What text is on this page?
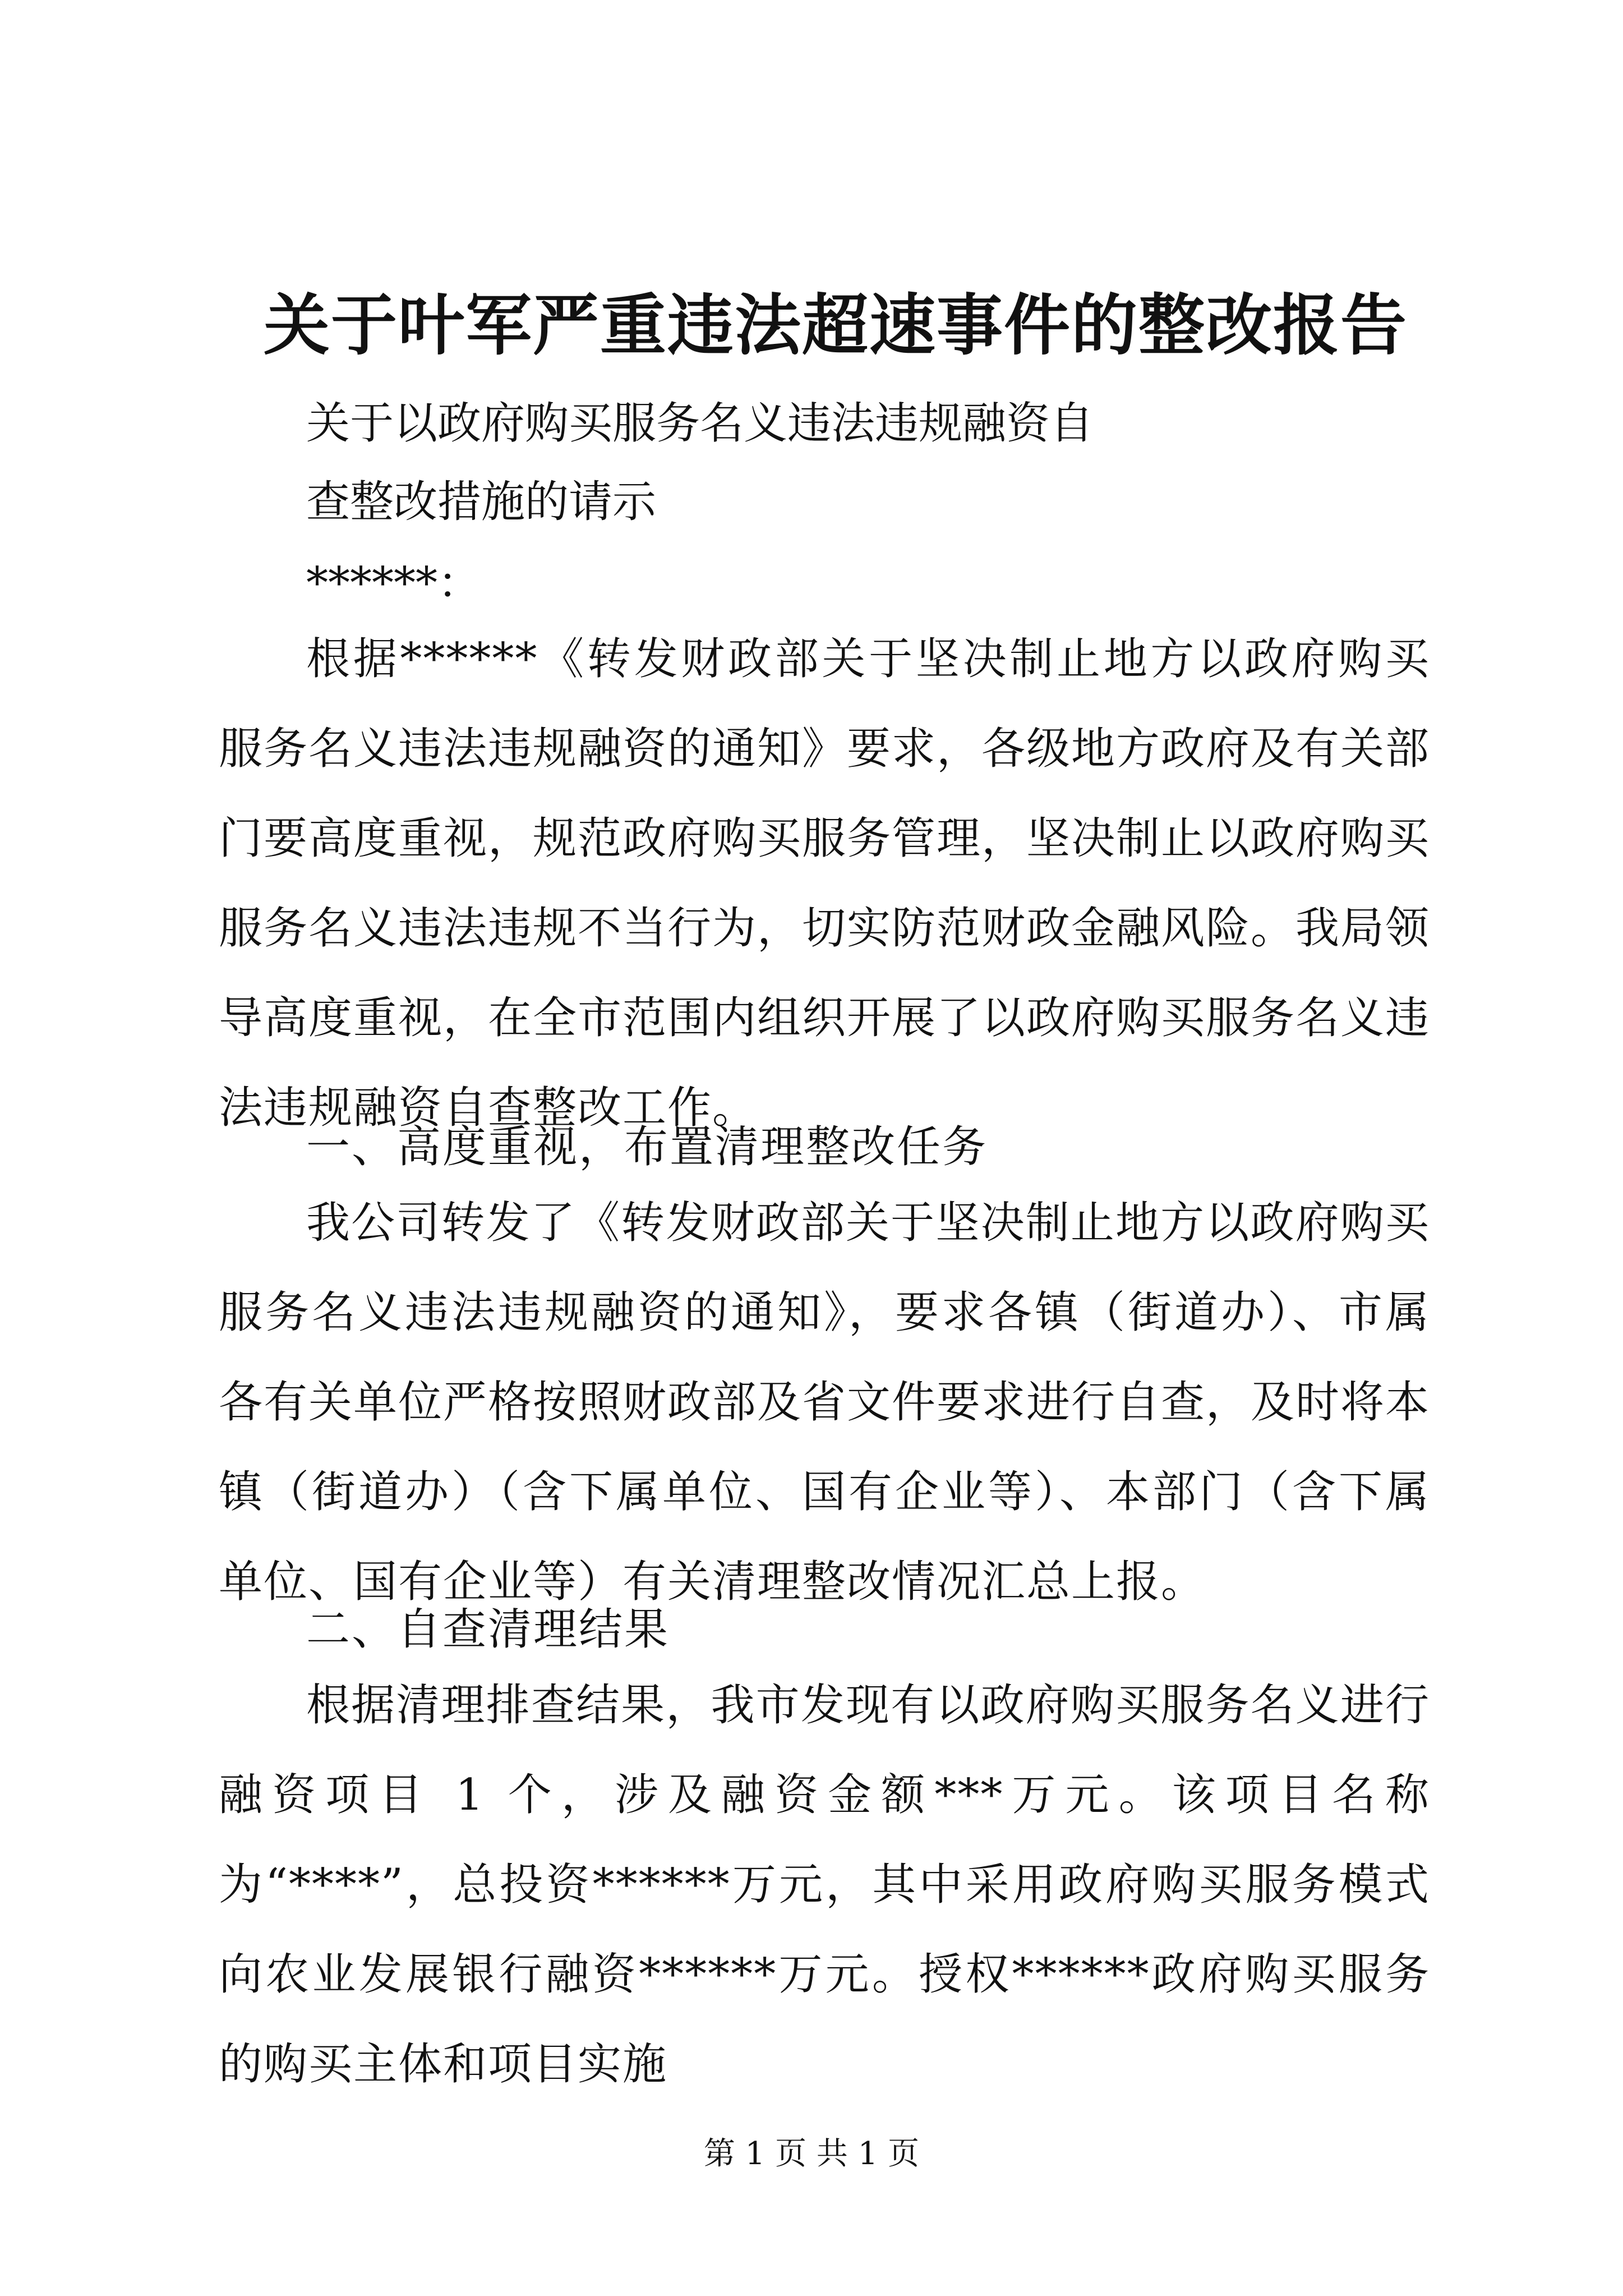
关于叶军严重违法超速事件的整改报告
关于以政府购买服务名义违法违规融资自
查整改措施的请示
******：
根据******《转发财政部关于坚决制止地方以政府购买服务名义违法违规融资的通知》要求，各级地方政府及有关部门要高度重视，规范政府购买服务管理，坚决制止以政府购买服务名义违法违规不当行为，切实防范财政金融风险。我局领导高度重视，在全市范围内组织开展了以政府购买服务名义违法违规融资自查整改工作。
一、高度重视，布置清理整改任务
我公司转发了《转发财政部关于坚决制止地方以政府购买服务名义违法违规融资的通知》，要求各镇（街道办）、市属各有关单位严格按照财政部及省文件要求进行自查，及时将本镇（街道办）（含下属单位、国有企业等）、本部门（含下属单位、国有企业等）有关清理整改情况汇总上报。
二、自查清理结果
根据清理排查结果，我市发现有以政府购买服务名义进行融资项目 1 个，涉及融资金额***万元。该项目名称为“****”，总投资******万元，其中采用政府购买服务模式向农业发展银行融资******万元。授权******政府购买服务的购买主体和项目实施
第 1 页 共 1 页
